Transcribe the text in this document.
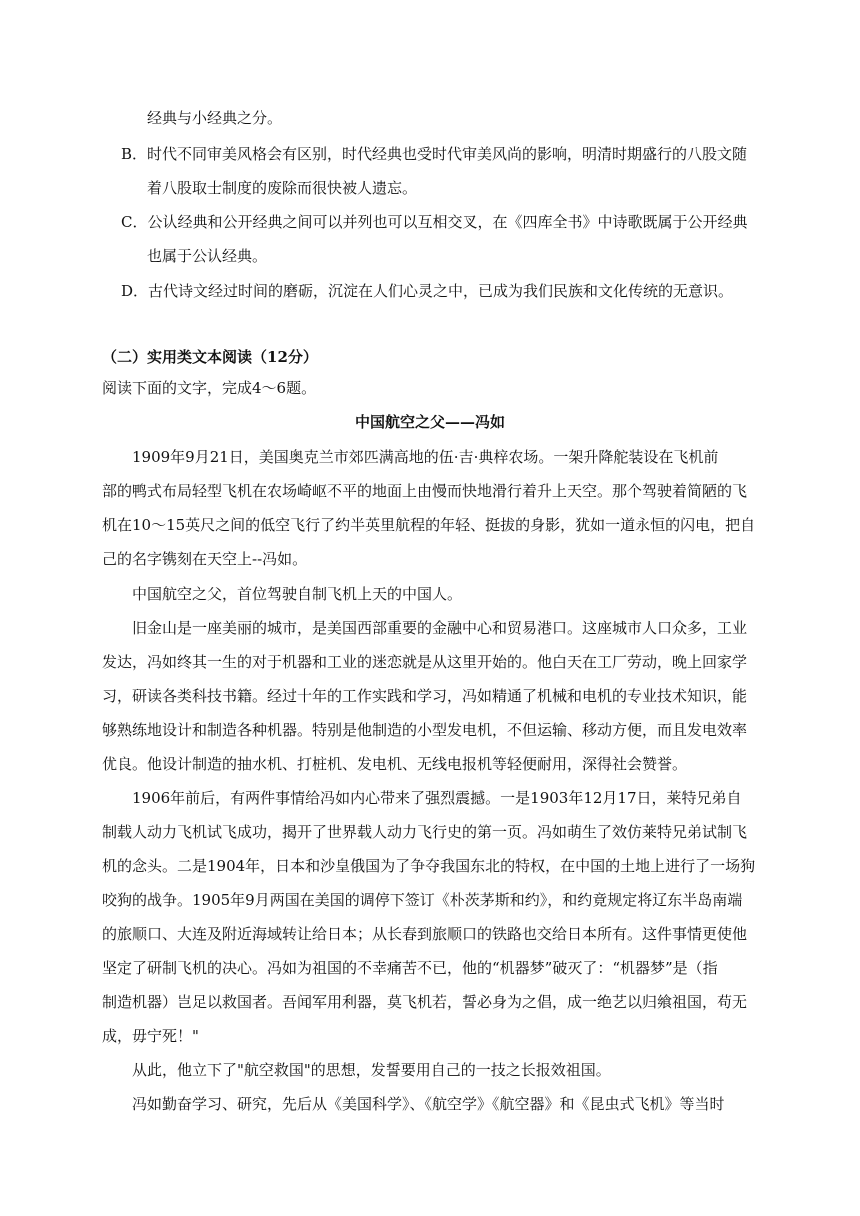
经典与小经典之分。
B．时代不同审美风格会有区别，时代经典也受时代审美风尚的影响，明清时期盛行的八股文随
着八股取士制度的废除而很快被人遗忘。
C．公认经典和公开经典之间可以并列也可以互相交叉，在《四库全书》中诗歌既属于公开经典
也属于公认经典。
D．古代诗文经过时间的磨砺，沉淀在人们心灵之中，已成为我们民族和文化传统的无意识。
（二）实用类文本阅读（12分）
阅读下面的文字，完成4～6题。
中国航空之父——冯如
1909年9月21日，美国奥克兰市郊匹满高地的伍·吉·典梓农场。一架升降舵装设在飞机前
部的鸭式布局轻型飞机在农场崎岖不平的地面上由慢而快地滑行着升上天空。那个驾驶着简陋的飞
机在10～15英尺之间的低空飞行了约半英里航程的年轻、挺拔的身影，犹如一道永恒的闪电，把自
己的名字镌刻在天空上--冯如。
中国航空之父，首位驾驶自制飞机上天的中国人。
旧金山是一座美丽的城市，是美国西部重要的金融中心和贸易港口。这座城市人口众多，工业
发达，冯如终其一生的对于机器和工业的迷恋就是从这里开始的。他白天在工厂劳动，晚上回家学
习，研读各类科技书籍。经过十年的工作实践和学习，冯如精通了机械和电机的专业技术知识，能
够熟练地设计和制造各种机器。特别是他制造的小型发电机，不但运输、移动方便，而且发电效率
优良。他设计制造的抽水机、打桩机、发电机、无线电报机等轻便耐用，深得社会赞誉。
1906年前后，有两件事情给冯如内心带来了强烈震撼。一是1903年12月17日，莱特兄弟自
制载人动力飞机试飞成功，揭开了世界载人动力飞行史的第一页。冯如萌生了效仿莱特兄弟试制飞
机的念头。二是1904年，日本和沙皇俄国为了争夺我国东北的特权，在中国的土地上进行了一场狗
咬狗的战争。1905年9月两国在美国的调停下签订《朴茨茅斯和约》，和约竟规定将辽东半岛南端
的旅顺口、大连及附近海域转让给日本；从长春到旅顺口的铁路也交给日本所有。这件事情更使他
坚定了研制飞机的决心。冯如为祖国的不幸痛苦不已，他的“机器梦”破灭了：“机器梦”是（指
制造机器）岂足以救国者。吾闻军用利器，莫飞机若，誓必身为之倡，成一绝艺以归飨祖国，苟无
成，毋宁死！"
从此，他立下了"航空救国"的思想，发誓要用自己的一技之长报效祖国。
冯如勤奋学习、研究，先后从《美国科学》、《航空学》《航空器》和《昆虫式飞机》等当时
